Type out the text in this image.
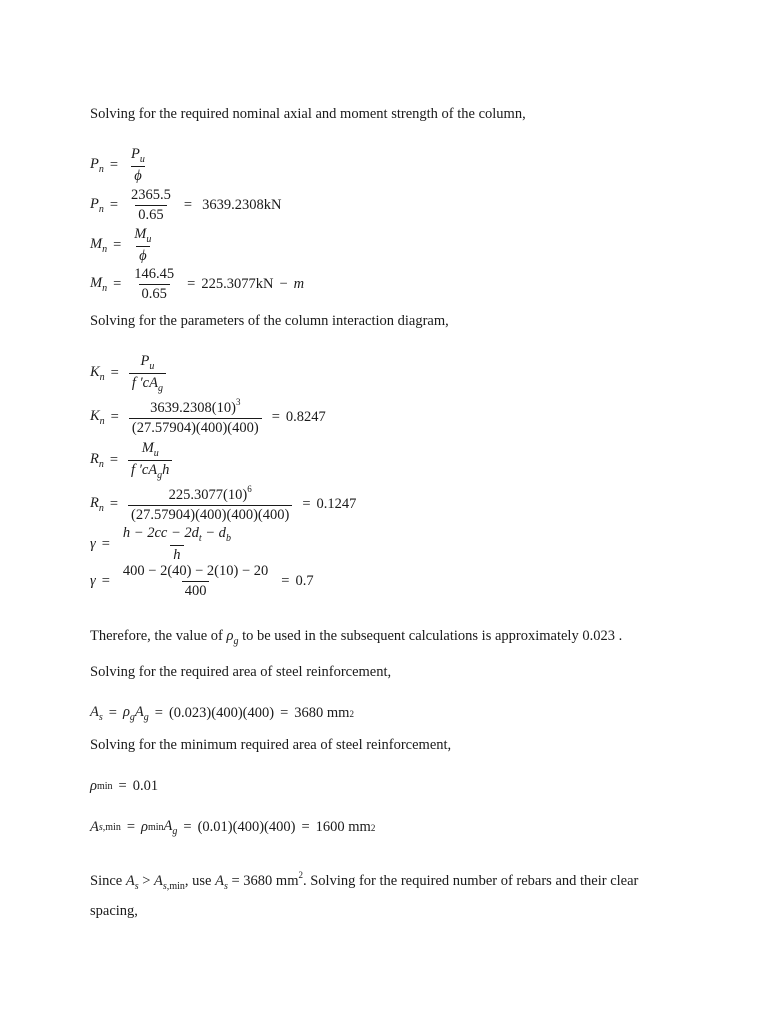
Solving for the required nominal axial and moment strength of the column,
$P_n = \frac{P_u}{\phi}$
$P_n = \frac{2365.5}{0.65} = 3639.2308kN$
$M_n = \frac{M_u}{\phi}$
$M_n = \frac{146.45}{0.65} = 225.3077kN - m$
Solving for the parameters of the column interaction diagram,
$K_n = \frac{P_u}{f 'cA_g}$
$K_n = \frac{3639.2308(10)^3}{(27.57904)(400)(400)} = 0.8247$
$R_n = \frac{M_u}{f 'cA_gh}$
$R_n = \frac{225.3077(10)^6}{(27.57904)(400)(400)(400)} = 0.1247$
$\gamma = \frac{h - 2cc - 2d_t - d_b}{h}$
$\gamma = \frac{400 - 2(40) - 2(10) - 20}{400} = 0.7$
Therefore, the value of $\rho_g$ to be used in the subsequent calculations is approximately 0.023 .
Solving for the required area of steel reinforcement,
$A_s = \rho_gA_g = (0.023)(400)(400) = 3680$ mm 2
Solving for the minimum required area of steel reinforcement,
ρ min = 0.01
A s, min = ρ $\min A_g = (0.01)(400)(400) = 1600$ mm 2
Since $A_s > A_{s,min}$, use $A_s = 3680$ $mm^2$. Solving for the required number of rebars and their clear spacing,
